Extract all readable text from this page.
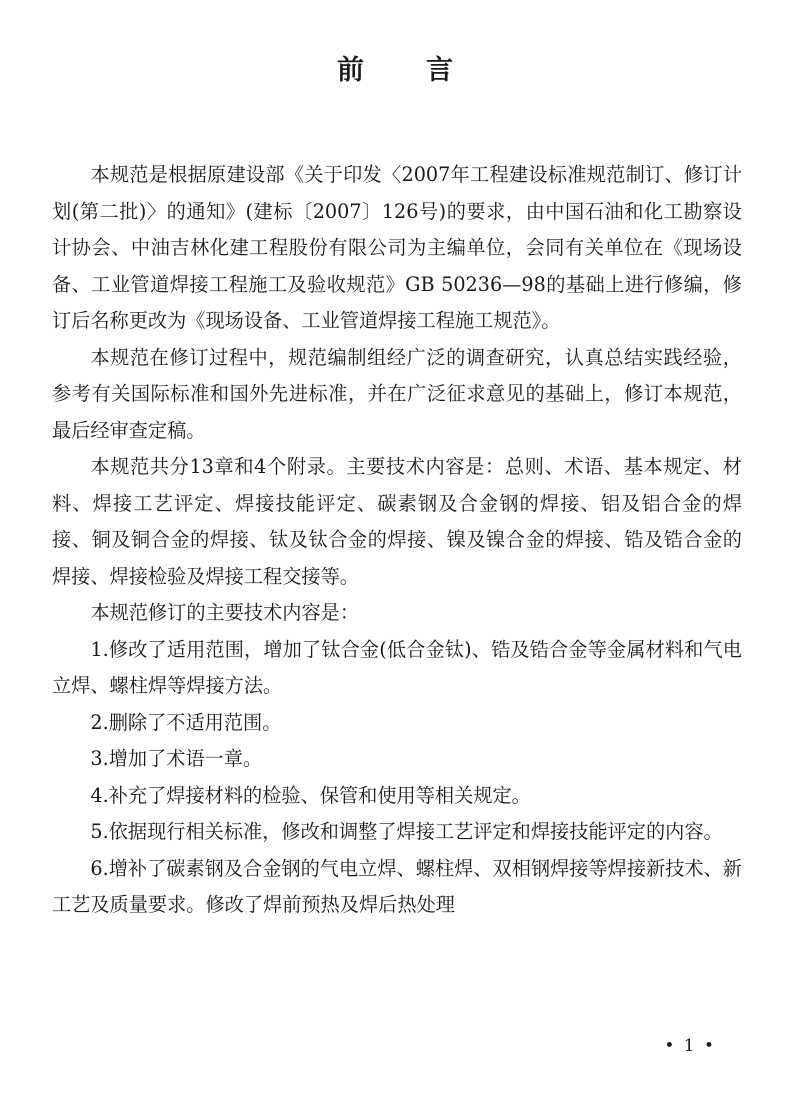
前 言

本规范是根据原建设部《关于印发〈2007年工程建设标准规范制订、修订计划(第二批)〉的通知》(建标〔2007〕126号)的要求，由中国石油和化工勘察设计协会、中油吉林化建工程股份有限公司为主编单位，会同有关单位在《现场设备、工业管道焊接工程施工及验收规范》GB 50236—98的基础上进行修编，修订后名称更改为《现场设备、工业管道焊接工程施工规范》。

本规范在修订过程中，规范编制组经广泛的调查研究，认真总结实践经验，参考有关国际标准和国外先进标准，并在广泛征求意见的基础上，修订本规范，最后经审查定稿。

本规范共分13章和4个附录。主要技术内容是：总则、术语、基本规定、材料、焊接工艺评定、焊接技能评定、碳素钢及合金钢的焊接、铝及铝合金的焊接、铜及铜合金的焊接、钛及钛合金的焊接、镍及镍合金的焊接、锆及锆合金的焊接、焊接检验及焊接工程交接等。

本规范修订的主要技术内容是：

1.修改了适用范围，增加了钛合金(低合金钛)、锆及锆合金等金属材料和气电立焊、螺柱焊等焊接方法。

2.删除了不适用范围。

3.增加了术语一章。

4.补充了焊接材料的检验、保管和使用等相关规定。

5.依据现行相关标准，修改和调整了焊接工艺评定和焊接技能评定的内容。

6.增补了碳素钢及合金钢的气电立焊、螺柱焊、双相钢焊接等焊接新技术、新工艺及质量要求。修改了焊前预热及焊后热处理

• 1 •
